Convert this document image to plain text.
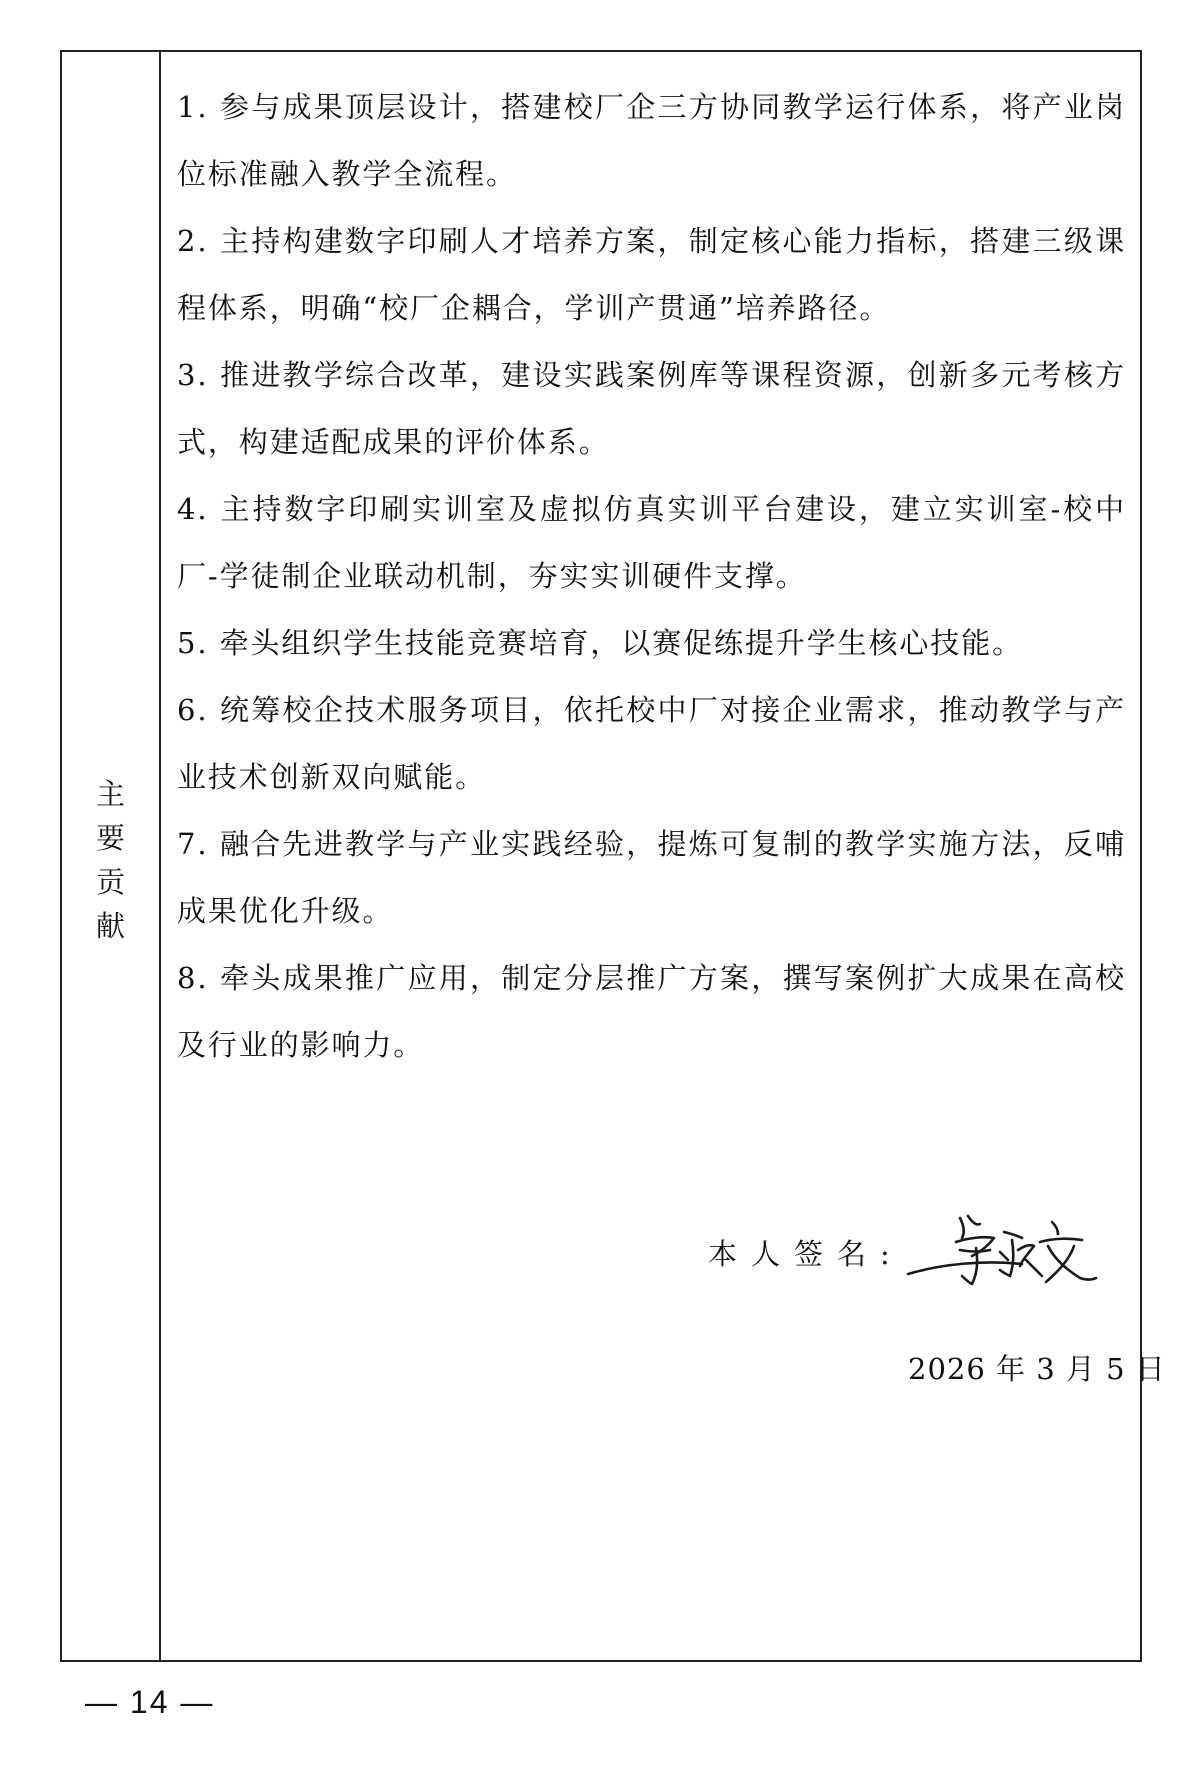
主
要
贡
献
1. 参与成果顶层设计，搭建校厂企三方协同教学运行体系，将产业岗位标准融入教学全流程。
2. 主持构建数字印刷人才培养方案，制定核心能力指标，搭建三级课程体系，明确“校厂企耦合，学训产贯通”培养路径。
3. 推进教学综合改革，建设实践案例库等课程资源，创新多元考核方式，构建适配成果的评价体系。
4. 主持数字印刷实训室及虚拟仿真实训平台建设，建立实训室-校中厂-学徒制企业联动机制，夯实实训硬件支撑。
5. 牵头组织学生技能竞赛培育，以赛促练提升学生核心技能。
6. 统筹校企技术服务项目，依托校中厂对接企业需求，推动教学与产业技术创新双向赋能。
7. 融合先进教学与产业实践经验，提炼可复制的教学实施方法，反哺成果优化升级。
8. 牵头成果推广应用，制定分层推广方案，撰写案例扩大成果在高校及行业的影响力。
本人签名:
2026 年 3 月 5 日
— 14 —
